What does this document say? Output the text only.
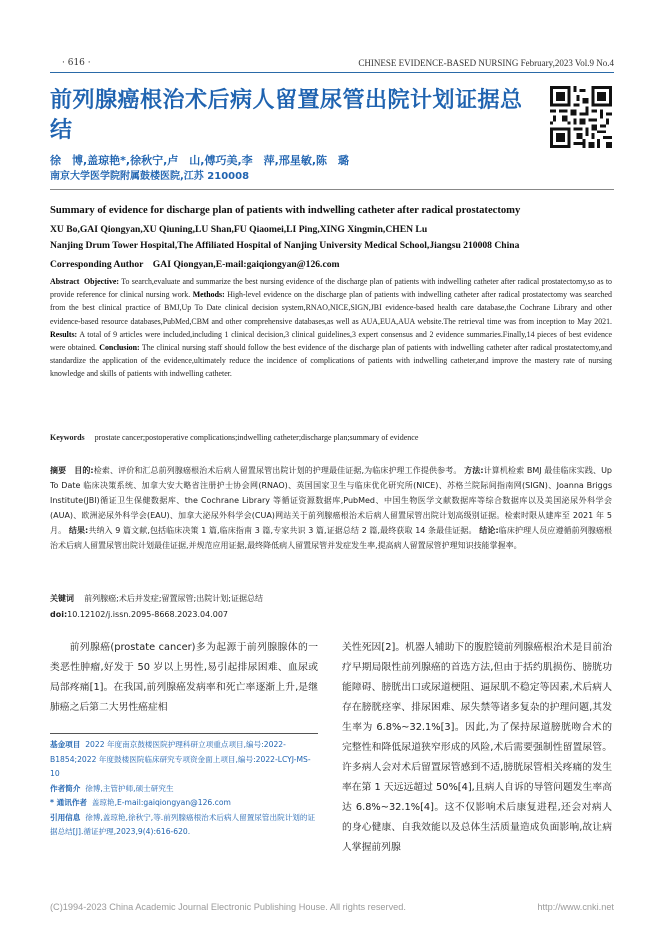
· 616 ·	CHINESE EVIDENCE-BASED NURSING February,2023 Vol.9 No.4
前列腺癌根治术后病人留置尿管出院计划证据总结
徐　博,盖琼艳*,徐秋宁,卢　山,傅巧美,李　萍,邢星敏,陈　璐
南京大学医学院附属鼓楼医院,江苏 210008
Summary of evidence for discharge plan of patients with indwelling catheter after radical prostatectomy
XU Bo,GAI Qiongyan,XU Qiuning,LU Shan,FU Qiaomei,LI Ping,XING Xingmin,CHEN Lu
Nanjing Drum Tower Hospital,The Affiliated Hospital of Nanjing University Medical School,Jiangsu 210008 China
Corresponding Author　GAI Qiongyan,E-mail:gaiqiongyan@126.com
Abstract Objective: To search,evaluate and summarize the best nursing evidence of the discharge plan of patients with indwelling catheter after radical prostatectomy,so as to provide reference for clinical nursing work. Methods: High-level evidence on the discharge plan of patients with indwelling catheter after radical prostatectomy was searched from the best clinical practice of BMJ,Up To Date clinical decision system,RNAO,NICE,SIGN,JBI evidence-based health care database,the Cochrane Library and other evidence-based resource databases,PubMed,CBM and other comprehensive databases,as well as AUA,EUA,AUA website.The retrieval time was from inception to May 2021. Results: A total of 9 articles were included,including 1 clinical decision,3 clinical guidelines,3 expert consensus and 2 evidence summaries.Finally,14 pieces of best evidence were obtained. Conclusion: The clinical nursing staff should follow the best evidence of the discharge plan of patients with indwelling catheter after radical prostatectomy,and standardize the application of the evidence,ultimately reduce the incidence of complications of patients with indwelling catheter,and improve the mastery rate of nursing knowledge and skills of patients with indwelling catheter.
Keywords prostate cancer;postoperative complications;indwelling catheter;discharge plan;summary of evidence
摘要 目的:检索、评价和汇总前列腺癌根治术后病人留置尿管出院计划的护理最佳证据,为临床护理工作提供参考。 方法:计算机检索 BMJ 最佳临床实践、Up To Date 临床决策系统、加拿大安大略省注册护士协会网(RNAO)、英国国家卫生与临床优化研究所(NICE)、苏格兰院际间指南网(SIGN)、Joanna Briggs Institute(JBI)循证卫生保健数据库、the Cochrane Library 等循证资源数据库,PubMed、中国生物医学文献数据库等综合数据库以及美国泌尿外科学会(AUA)、欧洲泌尿外科学会(EAU)、加拿大泌尿外科学会(CUA)网站关于前列腺癌根治术后病人留置尿管出院计划高级别证据。检索时限从建库至 2021 年 5 月。 结果:共纳入 9 篇文献,包括临床决策 1 篇,临床指南 3 篇,专家共识 3 篇,证据总结 2 篇,最终获取 14 条最佳证据。 结论:临床护理人员应遵循前列腺癌根治术后病人留置尿管出院计划最佳证据,并规范应用证据,最终降低病人留置尿管并发症发生率,提高病人留置尿管护理知识技能掌握率。
关键词 前列腺癌;术后并发症;留置尿管;出院计划;证据总结
doi:10.12102/j.issn.2095-8668.2023.04.007
前列腺癌(prostate cancer)多为起源于前列腺腺体的一类恶性肿瘤,好发于 50 岁以上男性,易引起排尿困难、血尿或局部疼痛[1]。在我国,前列腺癌发病率和死亡率逐渐上升,是继肺癌之后第二大男性癌症相
关性死因[2]。机器人辅助下的腹腔镜前列腺癌根治术是目前治疗早期局限性前列腺癌的首选方法,但由于括约肌损伤、膀胱功能障碍、膀胱出口或尿道梗阻、逼尿肌不稳定等因素,术后病人存在膀胱痉挛、排尿困难、尿失禁等诸多复杂的护理问题,其发生率为 6.8%~32.1%[3]。因此,为了保持尿道膀胱吻合术的完整性和降低尿道狭窄形成的风险,术后需要强制性留置尿管。许多病人会对术后留置尿管感到不适,膀胱尿管相关疼痛的发生率在第 1 天远远超过 50%[4],且病人自诉的导管问题发生率高达 6.8%~32.1%[4]。这不仅影响术后康复进程,还会对病人的身心健康、自我效能以及总体生活质量造成负面影响,故让病人掌握前列腺
基金项目 2022 年度南京鼓楼医院护理科研立项重点项目,编号:2022-B1854;2022 年度鼓楼医院临床研究专项资金面上项目,编号:2022-LCYJ-MS-10
作者简介 徐博,主管护师,硕士研究生
* 通讯作者 盖琼艳,E-mail:gaiqiongyan@126.com
引用信息 徐博,盖琼艳,徐秋宁,等.前列腺癌根治术后病人留置尿管出院计划的证据总结[J].循证护理,2023,9(4):616-620.
(C)1994-2023 China Academic Journal Electronic Publishing House. All rights reserved.	http://www.cnki.net
